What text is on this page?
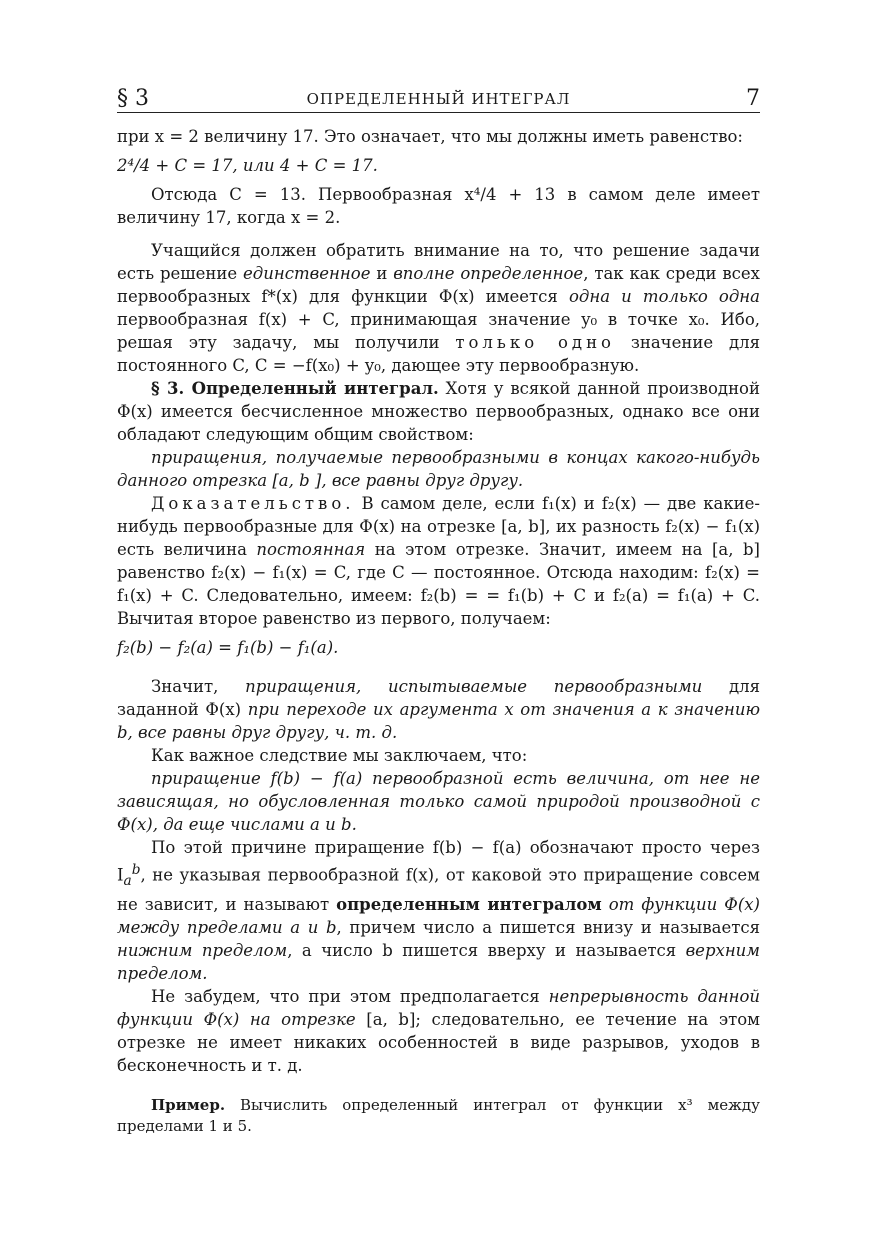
§ 3	ОПРЕДЕЛЕННЫЙ ИНТЕГРАЛ	7

при x = 2 величину 17. Это означает, что мы должны иметь равенство:

2⁴/4 + C = 17, или 4 + C = 17.

Отсюда C = 13. Первообразная x⁴/4 + 13 в самом деле имеет величину 17, когда x = 2.

Учащийся должен обратить внимание на то, что решение задачи есть решение единственное и вполне определенное, так как среди всех первообразных f*(x) для функции Φ(x) имеется одна и только одна первообразная f(x) + C, принимающая значение y₀ в точке x₀. Ибо, решая эту задачу, мы получили только одно значение для постоянного C, C = −f(x₀) + y₀, дающее эту первообразную.

§ 3. Определенный интеграл. Хотя у всякой данной производной Φ(x) имеется бесчисленное множество первообразных, однако все они обладают следующим общим свойством:

приращения, получаемые первообразными в концах какого-нибудь данного отрезка [a, b ], все равны друг другу.

Доказательство. В самом деле, если f₁(x) и f₂(x) — две какие-нибудь первообразные для Φ(x) на отрезке [a, b], их разность f₂(x) − f₁(x) есть величина постоянная на этом отрезке. Значит, имеем на [a, b] равенство f₂(x) − f₁(x) = C, где C — постоянное. Отсюда находим: f₂(x) = f₁(x) + C. Следовательно, имеем: f₂(b) = = f₁(b) + C и f₂(a) = f₁(a) + C. Вычитая второе равенство из первого, получаем:

f₂(b) − f₂(a) = f₁(b) − f₁(a).

Значит, приращения, испытываемые первообразными для заданной Φ(x) при переходе их аргумента x от значения a к значению b, все равны друг другу, ч. т. д.

Как важное следствие мы заключаем, что:

приращение f(b) − f(a) первообразной есть величина, от нее не зависящая, но обусловленная только самой природой производной с Φ(x), да еще числами a и b.

По этой причине приращение f(b) − f(a) обозначают просто через $I_a^b$, не указывая первообразной f(x), от каковой это приращение совсем не зависит, и называют определенным интегралом от функции Φ(x) между пределами a и b, причем число a пишется внизу и называется нижним пределом, а число b пишется вверху и называется верхним пределом.

Не забудем, что при этом предполагается непрерывность данной функции Φ(x) на отрезке [a, b]; следовательно, ее течение на этом отрезке не имеет никаких особенностей в виде разрывов, уходов в бесконечность и т. д.

Пример. Вычислить определенный интеграл от функции x³ между пределами 1 и 5.
